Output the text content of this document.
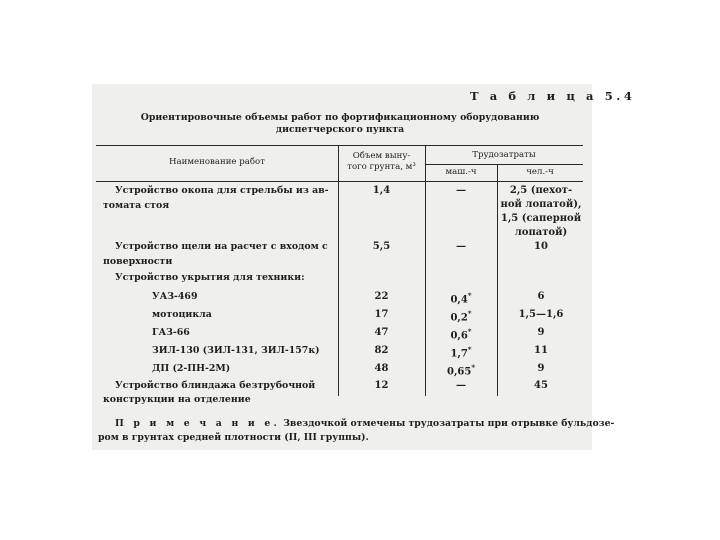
Т а б л и ц а 5.4
Ориентировочные объемы работ по фортификационному оборудованию
диспетчерского пункта
Наименование работ
Объем выну-
того грунта, м³
Трудозатраты
маш.-ч	чел.-ч
Устройство окопа для стрельбы из ав-
томата стоя
1,4	—	2,5 (пехот-
ной лопатой),
1,5 (саперной
лопатой)
Устройство щели на расчет с входом с
поверхности
5,5	—	10
Устройство укрытия для техники:
УАЗ-469	22	0,4*	6
мотоцикла	17	0,2*	1,5—1,6
ГАЗ-66	47	0,6*	9
ЗИЛ-130 (ЗИЛ-131, ЗИЛ-157к)	82	1,7*	11
ДП (2-ПН-2М)	48	0,65*	9
Устройство блиндажа безтрубочной
конструкции на отделение
12	—	45
П р и м е ч а н и е. Звездочкой отмечены трудозатраты при отрывке бульдозе-
ром в грунтах средней плотности (II, III группы).
